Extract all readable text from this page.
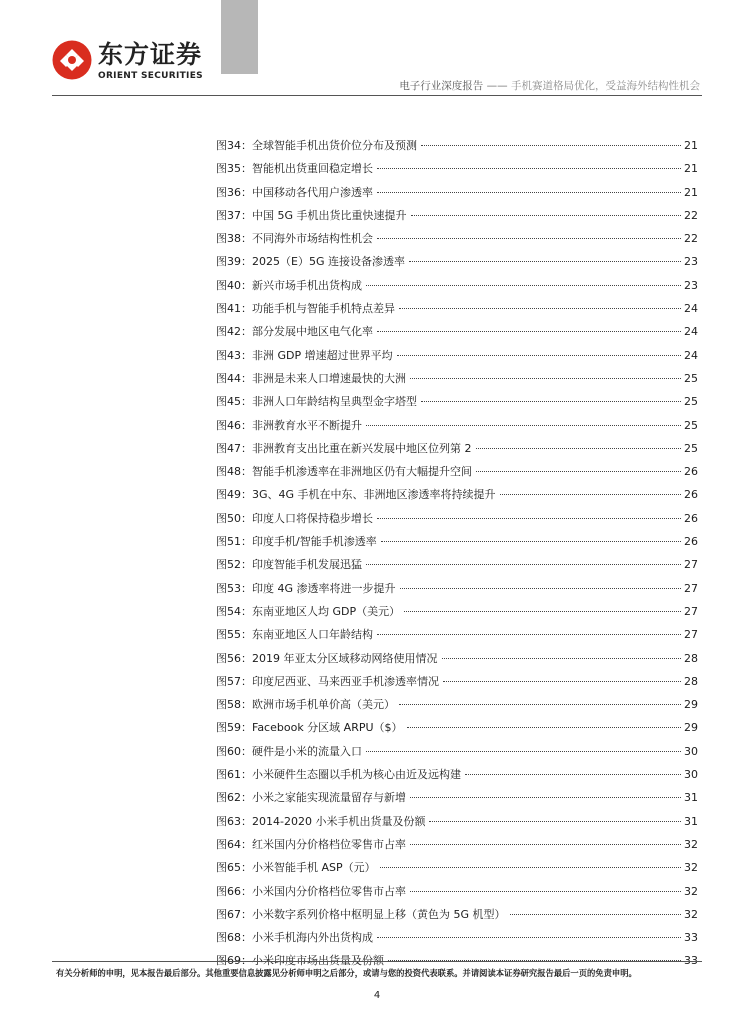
东方证券
ORIENT SECURITIES
电子行业深度报告 —— 手机赛道格局优化，受益海外结构性机会
图34：全球智能手机出货价位分布及预测	21
图35：智能机出货重回稳定增长	21
图36：中国移动各代用户渗透率	21
图37：中国 5G 手机出货比重快速提升	22
图38：不同海外市场结构性机会	22
图39：2025（E）5G 连接设备渗透率	23
图40：新兴市场手机出货构成	23
图41：功能手机与智能手机特点差异	24
图42：部分发展中地区电气化率	24
图43：非洲 GDP 增速超过世界平均	24
图44：非洲是未来人口增速最快的大洲	25
图45：非洲人口年龄结构呈典型金字塔型	25
图46：非洲教育水平不断提升	25
图47：非洲教育支出比重在新兴发展中地区位列第 2	25
图48：智能手机渗透率在非洲地区仍有大幅提升空间	26
图49：3G、4G 手机在中东、非洲地区渗透率将持续提升	26
图50：印度人口将保持稳步增长	26
图51：印度手机/智能手机渗透率	26
图52：印度智能手机发展迅猛	27
图53：印度 4G 渗透率将进一步提升	27
图54：东南亚地区人均 GDP（美元）	27
图55：东南亚地区人口年龄结构	27
图56：2019 年亚太分区域移动网络使用情况	28
图57：印度尼西亚、马来西亚手机渗透率情况	28
图58：欧洲市场手机单价高（美元）	29
图59：Facebook 分区域 ARPU（$）	29
图60：硬件是小米的流量入口	30
图61：小米硬件生态圈以手机为核心由近及远构建	30
图62：小米之家能实现流量留存与新增	31
图63：2014-2020 小米手机出货量及份额	31
图64：红米国内分价格档位零售市占率	32
图65：小米智能手机 ASP（元）	32
图66：小米国内分价格档位零售市占率	32
图67：小米数字系列价格中枢明显上移（黄色为 5G 机型）	32
图68：小米手机海内外出货构成	33
图69：小米印度市场出货量及份额	33
有关分析师的申明，见本报告最后部分。其他重要信息披露见分析师申明之后部分，或请与您的投资代表联系。并请阅读本证券研究报告最后一页的免责申明。
4
